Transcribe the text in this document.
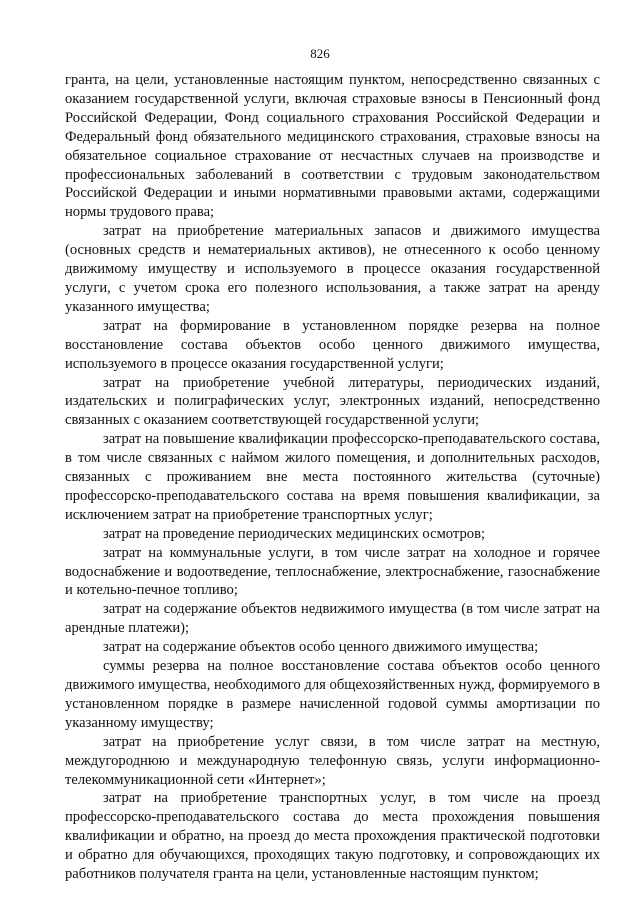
826

гранта, на цели, установленные настоящим пунктом, непосредственно связанных с оказанием государственной услуги, включая страховые взносы в Пенсионный фонд Российской Федерации, Фонд социального страхования Российской Федерации и Федеральный фонд обязательного медицинского страхования, страховые взносы на обязательное социальное страхование от несчастных случаев на производстве и профессиональных заболеваний в соответствии с трудовым законодательством Российской Федерации и иными нормативными правовыми актами, содержащими нормы трудового права;

затрат на приобретение материальных запасов и движимого имущества (основных средств и нематериальных активов), не отнесенного к особо ценному движимому имуществу и используемого в процессе оказания государственной услуги, с учетом срока его полезного использования, а также затрат на аренду указанного имущества;

затрат на формирование в установленном порядке резерва на полное восстановление состава объектов особо ценного движимого имущества, используемого в процессе оказания государственной услуги;

затрат на приобретение учебной литературы, периодических изданий, издательских и полиграфических услуг, электронных изданий, непосредственно связанных с оказанием соответствующей государственной услуги;

затрат на повышение квалификации профессорско-преподавательского состава, в том числе связанных с наймом жилого помещения, и дополнительных расходов, связанных с проживанием вне места постоянного жительства (суточные) профессорско-преподавательского состава на время повышения квалификации, за исключением затрат на приобретение транспортных услуг;

затрат на проведение периодических медицинских осмотров;

затрат на коммунальные услуги, в том числе затрат на холодное и горячее водоснабжение и водоотведение, теплоснабжение, электроснабжение, газоснабжение и котельно-печное топливо;

затрат на содержание объектов недвижимого имущества (в том числе затрат на арендные платежи);

затрат на содержание объектов особо ценного движимого имущества;

суммы резерва на полное восстановление состава объектов особо ценного движимого имущества, необходимого для общехозяйственных нужд, формируемого в установленном порядке в размере начисленной годовой суммы амортизации по указанному имуществу;

затрат на приобретение услуг связи, в том числе затрат на местную, междугороднюю и международную телефонную связь, услуги информационно-телекоммуникационной сети «Интернет»;

затрат на приобретение транспортных услуг, в том числе на проезд профессорско-преподавательского состава до места прохождения повышения квалификации и обратно, на проезд до места прохождения практической подготовки и обратно для обучающихся, проходящих такую подготовку, и сопровождающих их работников получателя гранта на цели, установленные настоящим пунктом;
